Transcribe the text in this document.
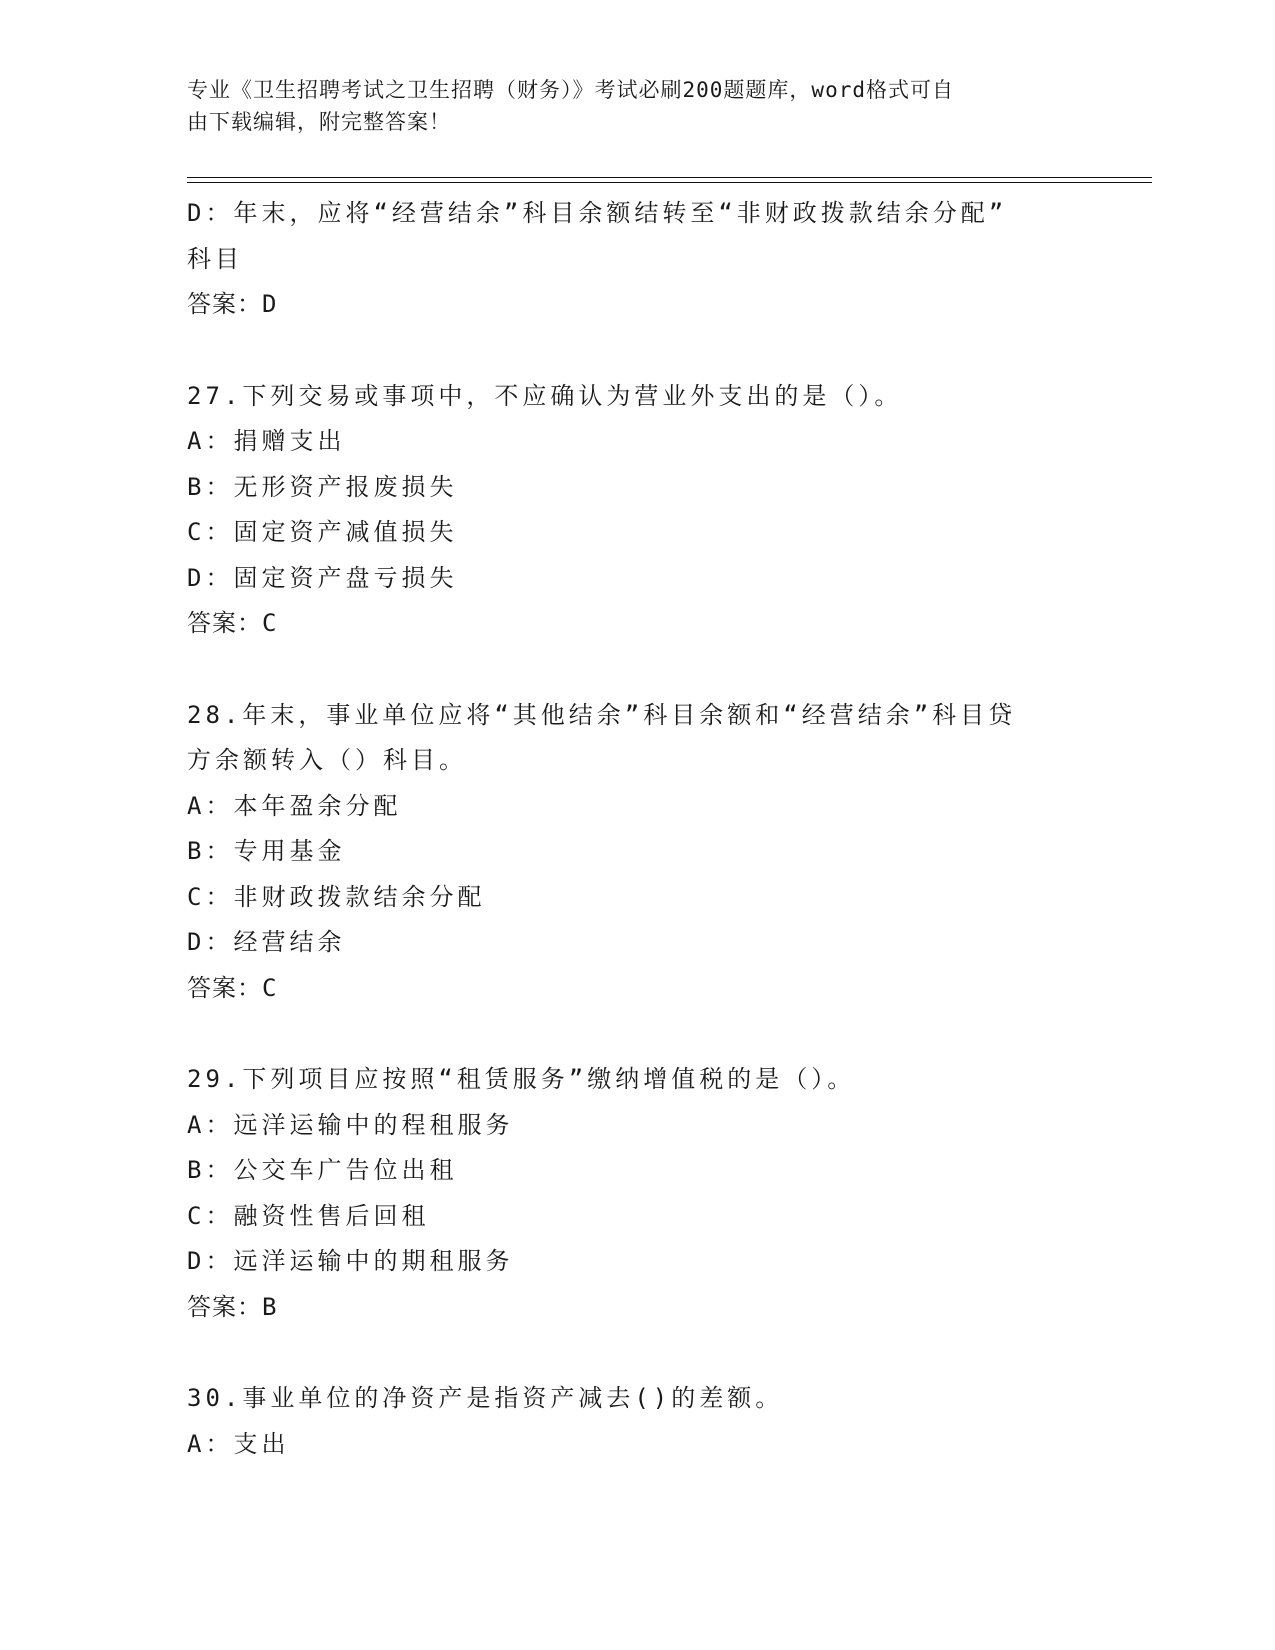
专业《卫生招聘考试之卫生招聘（财务）》考试必刷200题题库，word格式可自
由下载编辑，附完整答案！
D：年末，应将“经营结余”科目余额结转至“非财政拨款结余分配”
科目
答案：D
27.下列交易或事项中，不应确认为营业外支出的是（）。
A：捐赠支出
B：无形资产报废损失
C：固定资产减值损失
D：固定资产盘亏损失
答案：C
28.年末，事业单位应将“其他结余”科目余额和“经营结余”科目贷
方余额转入（）科目。
A：本年盈余分配
B：专用基金
C：非财政拨款结余分配
D：经营结余
答案：C
29.下列项目应按照“租赁服务”缴纳增值税的是（）。
A：远洋运输中的程租服务
B：公交车广告位出租
C：融资性售后回租
D：远洋运输中的期租服务
答案：B
30.事业单位的净资产是指资产减去()的差额。
A：支出
